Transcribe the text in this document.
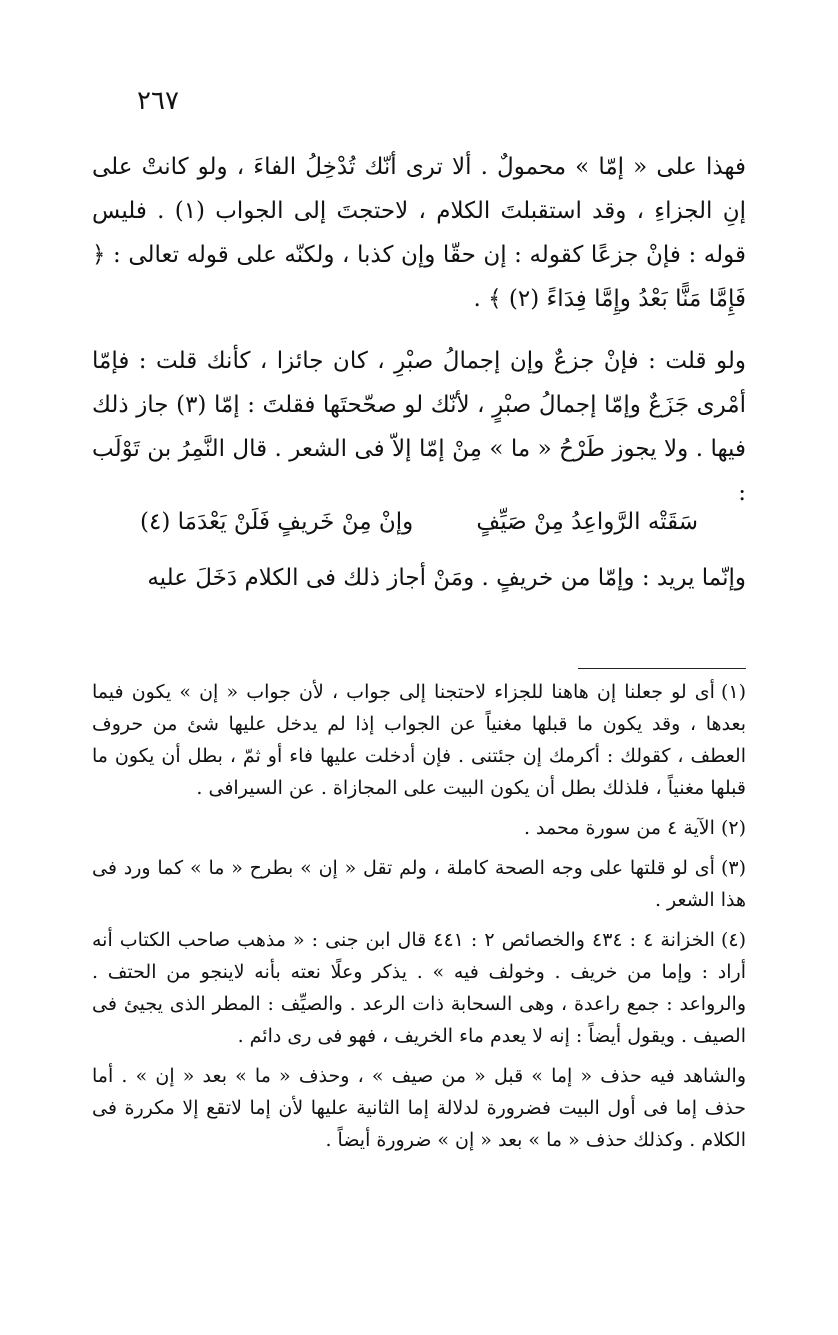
٢٦٧

فهذا على « إمّا » محمولٌ . ألا ترى أنّك تُدْخِلُ الفاءَ ، ولو كانتْ على إنِ الجزاءِ ، وقد استقبلتَ الكلام ، لاحتجتَ إلى الجواب (١) . فليس قوله : فإنْ جزعًا كقوله : إن حقّا وإن كذبا ، ولكنّه على قوله تعالى : ﴿ فَإِمَّا مَنًّا بَعْدُ وإِمَّا فِدَاءً (٢) ﴾ .

ولو قلت : فإنْ جزعٌ وإن إجمالُ صبْرِ ، كان جائزا ، كأنك قلت : فإمّا أمْرى جَزَعٌ وإمّا إجمالُ صبْرٍ ، لأنّك لو صحّحتَها فقلتَ : إمّا (٣) جاز ذلك فيها . ولا يجوز طَرْحُ « ما » مِنْ إمّا إلاّ فى الشعر . قال النَّمِرُ بن تَوْلَب :

سَقَتْه الرَّواعِدُ مِنْ صَيِّفٍ
وإنْ مِنْ خَريفٍ فَلَنْ يَعْدَمَا (٤)

وإنّما يريد : وإمّا من خريفٍ . ومَنْ أجاز ذلك فى الكلام دَخَلَ عليه

(١)أى لو جعلنا إن هاهنا للجزاء لاحتجنا إلى جواب ، لأن جواب « إن » يكون فيما بعدها ، وقد يكون ما قبلها مغنياً عن الجواب إذا لم يدخل عليها شئ من حروف العطف ، كقولك : أكرمك إن جئتنى . فإن أدخلت عليها فاء أو ثمّ ، بطل أن يكون ما قبلها مغنياً ، فلذلك بطل أن يكون البيت على المجازاة . عن السيرافى .

(٢)الآية ٤ من سورة محمد .

(٣)أى لو قلتها على وجه الصحة كاملة ، ولم تقل « إن » بطرح « ما » كما ورد فى هذا الشعر .

(٤)الخزانة ٤ : ٤٣٤ والخصائص ٢ : ٤٤١ قال ابن جنى : « مذهب صاحب الكتاب أنه أراد : وإما من خريف . وخولف فيه » . يذكر وعلًا نعته بأنه لاينجو من الحتف . والرواعد : جمع راعدة ، وهى السحابة ذات الرعد . والصيِّف : المطر الذى يجيئ فى الصيف . ويقول أيضاً : إنه لا يعدم ماء الخريف ، فهو فى رى دائم .

والشاهد فيه حذف « إما » قبل « من صيف » ، وحذف « ما » بعد « إن » . أما حذف إما فى أول البيت فضرورة لدلالة إما الثانية عليها لأن إما لاتقع إلا مكررة فى الكلام . وكذلك حذف « ما » بعد « إن » ضرورة أيضاً .
